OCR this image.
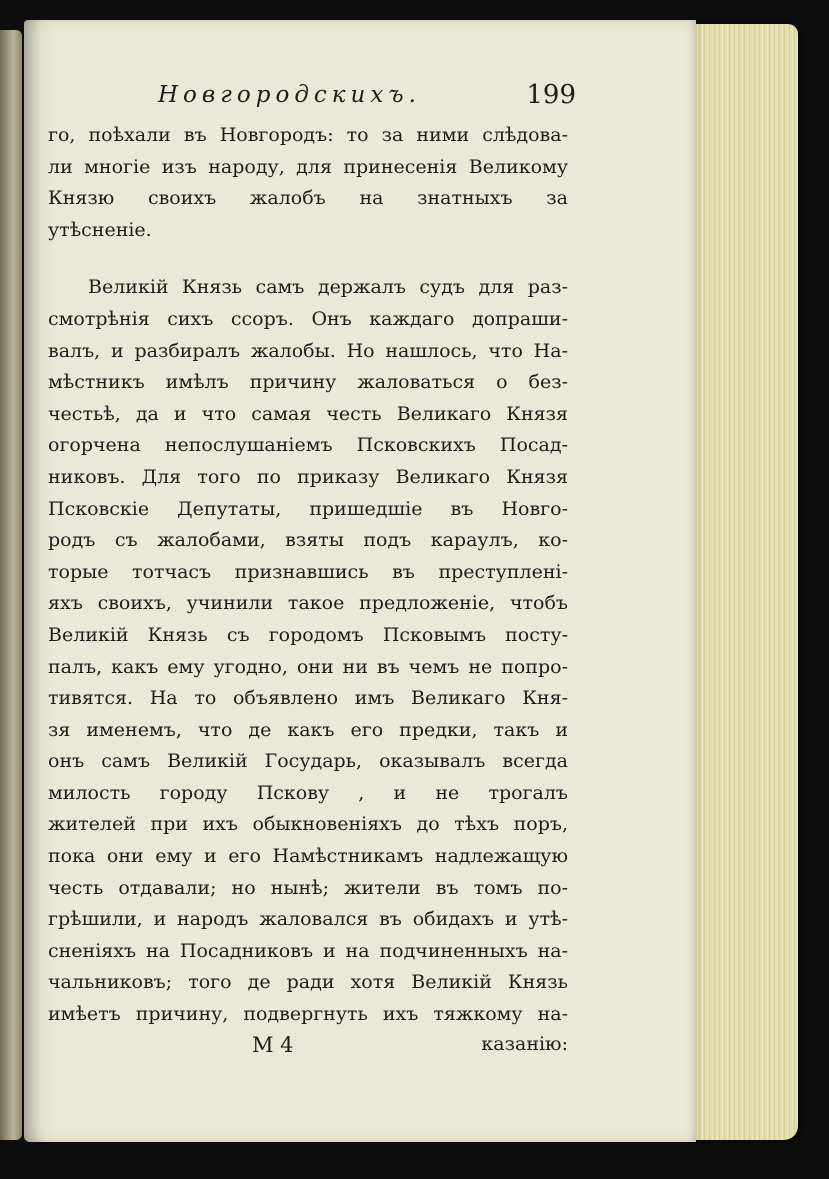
Новгородскихъ.	199
го, поѣхали въ Новгородъ: то за ними слѣдова-
ли многіе изъ народу, для принесенія Великому
Князю своихъ жалобъ на знатныхъ за
утѣсненіе.
Великій Князь самъ держалъ судъ для раз-
смотрѣнія сихъ ссоръ. Онъ каждаго допраши-
валъ, и разбиралъ жалобы. Но нашлось, что На-
мѣстникъ имѣлъ причину жаловаться о без-
честьѣ, да и что самая честь Великаго Князя
огорчена непослушаніемъ Псковскихъ Посад-
никовъ. Для того по приказу Великаго Князя
Псковскіе Депутаты, пришедшіе въ Новго-
родъ съ жалобами, взяты подъ караулъ, ко-
торые тотчасъ признавшись въ преступлені-
яхъ своихъ, учинили такое предложеніе, чтобъ
Великій Князь съ городомъ Псковымъ посту-
палъ, какъ ему угодно, они ни въ чемъ не попро-
тивятся. На то объявлено имъ Великаго Кня-
зя именемъ, что де какъ его предки, такъ и
онъ самъ Великій Государь, оказывалъ всегда
милость городу Пскову , и не трогалъ
жителей при ихъ обыкновеніяхъ до тѣхъ поръ,
пока они ему и его Намѣстникамъ надлежащую
честь отдавали; но нынѣ; жители въ томъ по-
грѣшили, и народъ жаловался въ обидахъ и утѣ-
сненіяхъ на Посадниковъ и на подчиненныхъ на-
чальниковъ; того де ради хотя Великій Князь
имѣетъ причину, подвергнуть ихъ тяжкому на-
М 4	казанію:
